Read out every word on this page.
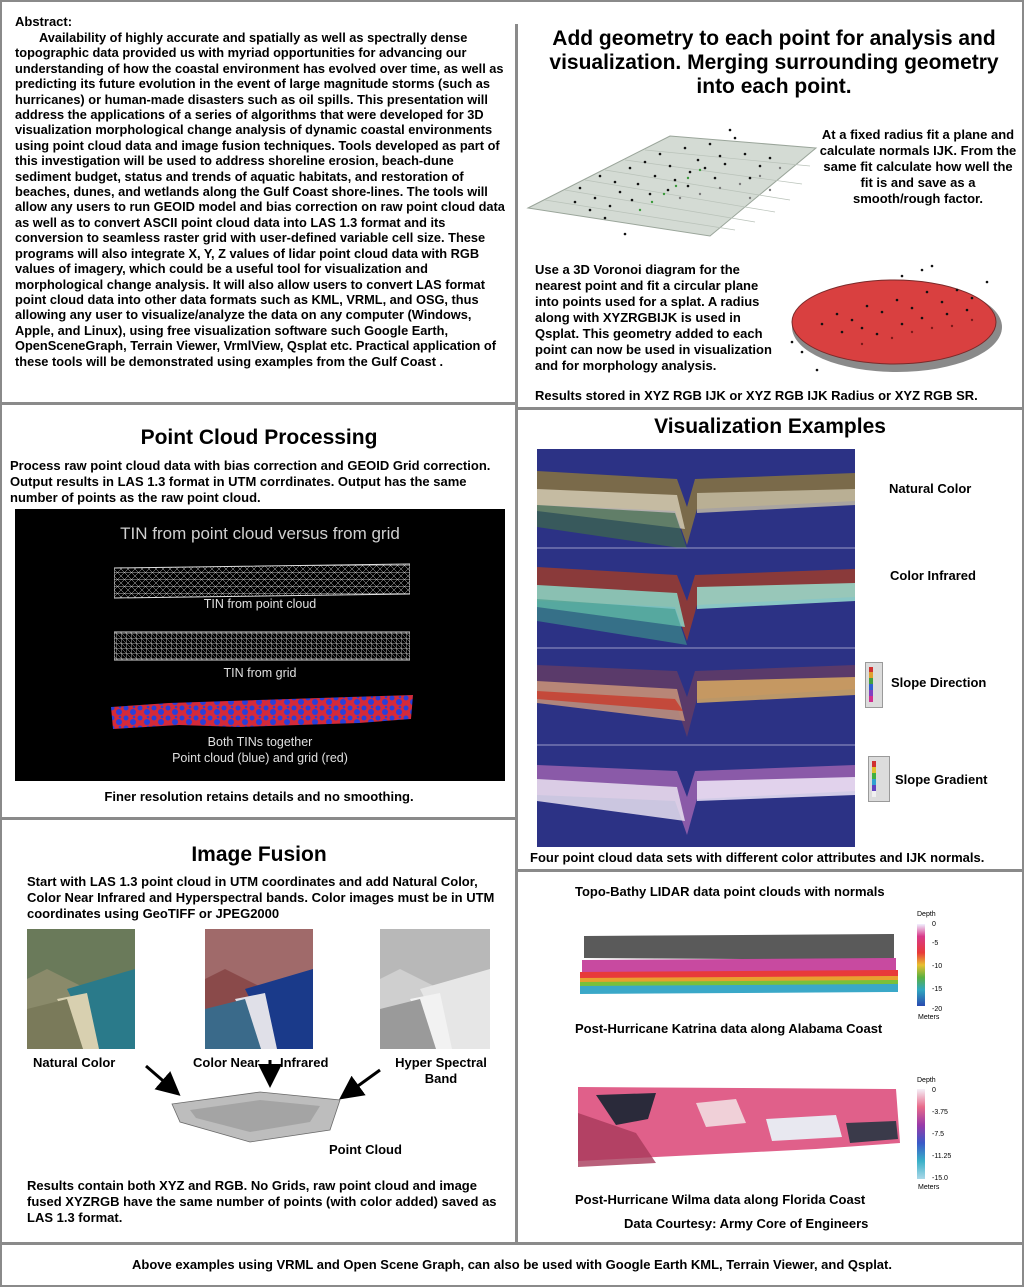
Abstract:
Availability of highly accurate and spatially as well as spectrally dense topographic data provided us with myriad opportunities for advancing our understanding of how the coastal environment has evolved over time, as well as predicting its future evolution in the event of large magnitude storms (such as hurricanes) or human-made disasters such as oil spills. This presentation will address the applications of a series of algorithms that were developed for 3D visualization morphological change analysis of dynamic coastal environments using point cloud data and image fusion techniques. Tools developed as part of this investigation will be used to address shoreline erosion, beach-dune sediment budget, status and trends of aquatic habitats, and restoration of beaches, dunes, and wetlands along the Gulf Coast shore-lines. The tools will allow any users to run GEOID model and bias correction on raw point cloud data as well as to convert ASCII point cloud data into LAS 1.3 format and its conversion to seamless raster grid with user-defined variable cell size. These programs will also integrate X, Y, Z values of lidar point cloud data with RGB values of imagery, which could be a useful tool for visualization and morphological change analysis. It will also allow users to convert LAS format point cloud data into other data formats such as KML, VRML, and OSG, thus allowing any user to visualize/analyze the data on any computer (Windows, Apple, and Linux), using free visualization software such Google Earth, OpenSceneGraph, Terrain Viewer, VrmlView, Qsplat etc. Practical application of these tools will be demonstrated using examples from the Gulf Coast .
Add geometry to each point for analysis and visualization. Merging surrounding geometry into each point.
At a fixed radius fit a plane and calculate normals IJK. From the same fit calculate how well the fit is and save as a smooth/rough factor.
Use a 3D Voronoi diagram for the nearest point and fit a circular plane into points used for a splat. A radius along with XYZRGBIJK is used in Qsplat. This geometry added to each point can now be used in visualization and for morphology analysis.
Results stored in XYZ RGB IJK or XYZ RGB IJK Radius or XYZ RGB SR.
Point Cloud Processing
Process raw point cloud data with bias correction and GEOID Grid correction. Output results in LAS 1.3 format in UTM corrdinates. Output has the same number of points as the raw point cloud.
TIN from point cloud versus from grid
TIN from point cloud
TIN from grid
Both TINs together
Point cloud (blue) and grid (red)
Finer resolution retains details and no smoothing.
Visualization Examples
Natural Color
Color Infrared
Slope Direction
Slope Gradient
Four point cloud data sets with different color attributes and IJK normals.
Image Fusion
Start with LAS 1.3 point cloud in UTM coordinates and add Natural Color, Color Near Infrared and Hyperspectral bands. Color images must be in UTM coordinates using GeoTIFF or JPEG2000
Natural Color	Color Near	Infrared	Hyper Spectral
Band
Point Cloud
Results contain both XYZ and RGB. No Grids, raw point cloud and image fused XYZRGB have the same number of points (with color added) saved as LAS 1.3 format.
Topo-Bathy LIDAR data point clouds with normals
Depth
0
-5
-10
-15
-20
Meters
Post-Hurricane Katrina data along Alabama Coast
Depth
0
-3.75
-7.5
-11.25
-15.0
Meters
Post-Hurricane Wilma data along Florida Coast
Data Courtesy: Army Core of Engineers
Above examples using VRML and Open Scene Graph, can also be used with Google Earth KML, Terrain Viewer, and Qsplat.
